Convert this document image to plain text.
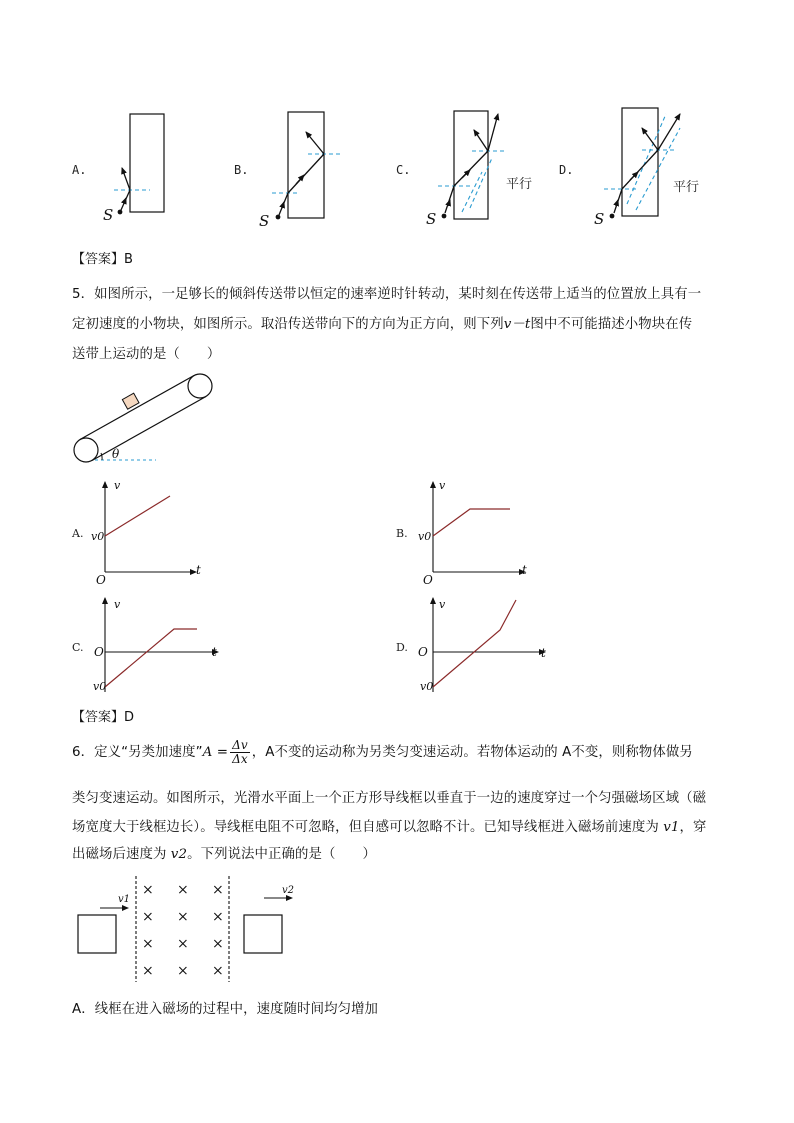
A.	B.	C.	D.
S	S	S
平行
S
平行
【答案】B
5．如图所示，一足够长的倾斜传送带以恒定的速率逆时针转动，某时刻在传送带上适当的位置放上具有一
定初速度的小物块，如图所示。取沿传送带向下的方向为正方向，则下列v－t图中不可能描述小物块在传
送带上运动的是（　　）
θ
A.
v
t
O
v0	B.
v
t
O
v0
C.
v
t
O
v0
D.
v
t
O
v0
【答案】D
6．定义“另类加速度”A = $\frac{\Delta v}{\Delta x}$ ，A不变的运动称为另类匀变速运动。若物体运动的 A不变，则称物体做另
类匀变速运动。如图所示，光滑水平面上一个正方形导线框以垂直于一边的速度穿过一个匀强磁场区域（磁
场宽度大于线框边长）。导线框电阻不可忽略，但自感可以忽略不计。已知导线框进入磁场前速度为 v1，穿
出磁场后速度为 v2。下列说法中正确的是（　　）
v1
× × ×
× × ×
× × ×
× × ×
v2
A．线框在进入磁场的过程中，速度随时间均匀增加
